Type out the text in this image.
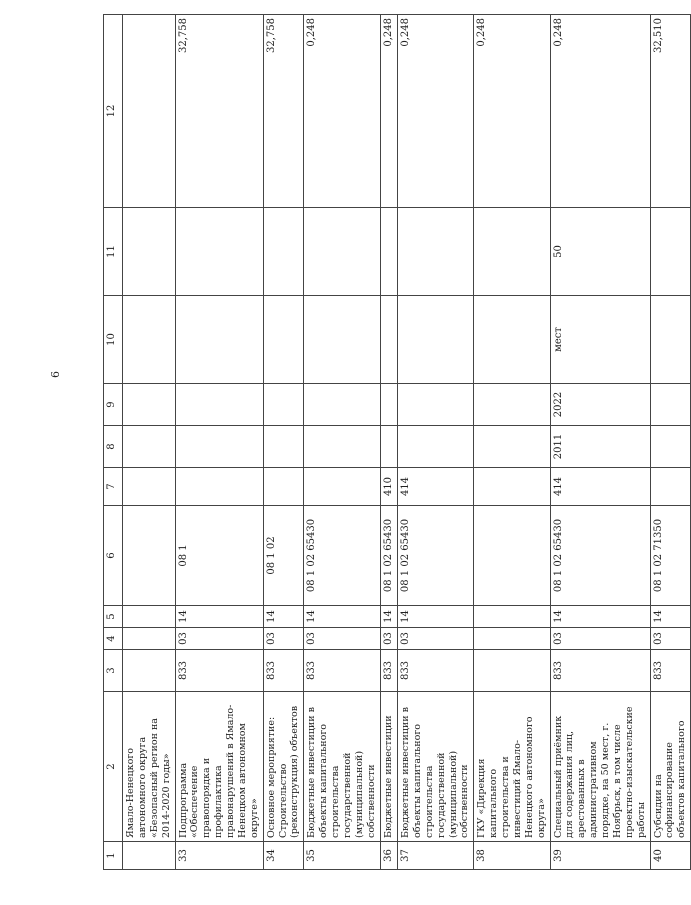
6
1	2	3	4	5	6	7	8	9	10	11	12
	Ямало-Ненецкого автономного округа «Безопасный регион на 2014-2020 годы»										
33	Подпрограмма «Обеспечение правопорядка и профилактика правонарушений в Ямало-Ненецком автономном округе»	833	03	14	08 1						32,758
34	Основное мероприятие: Строительство (реконструкция) объектов	833	03	14	08 1 02						32,758
35	Бюджетные инвестиции в объекты капитального строительства государственной (муниципальной) собственности	833	03	14	08 1 02 65430						0,248
36	Бюджетные инвестиции	833	03	14	08 1 02 65430	410					0,248
37	Бюджетные инвестиции в объекты капитального строительства государственной (муниципальной) собственности	833	03	14	08 1 02 65430	414					0,248
38	ГКУ «Дирекция капитального строительства и инвестиций Ямало-Ненецкого автономного округа»										0,248
39	Специальный приёмник для содержания лиц, арестованных в административном порядке, на 50 мест, г. Ноябрьск, в том числе проектно-изыскательские работы	833	03	14	08 1 02 65430	414	2011	2022	мест	50	0,248
40	Субсидии на софинансирование объектов капитального	833	03	14	08 1 02 71350						32,510
